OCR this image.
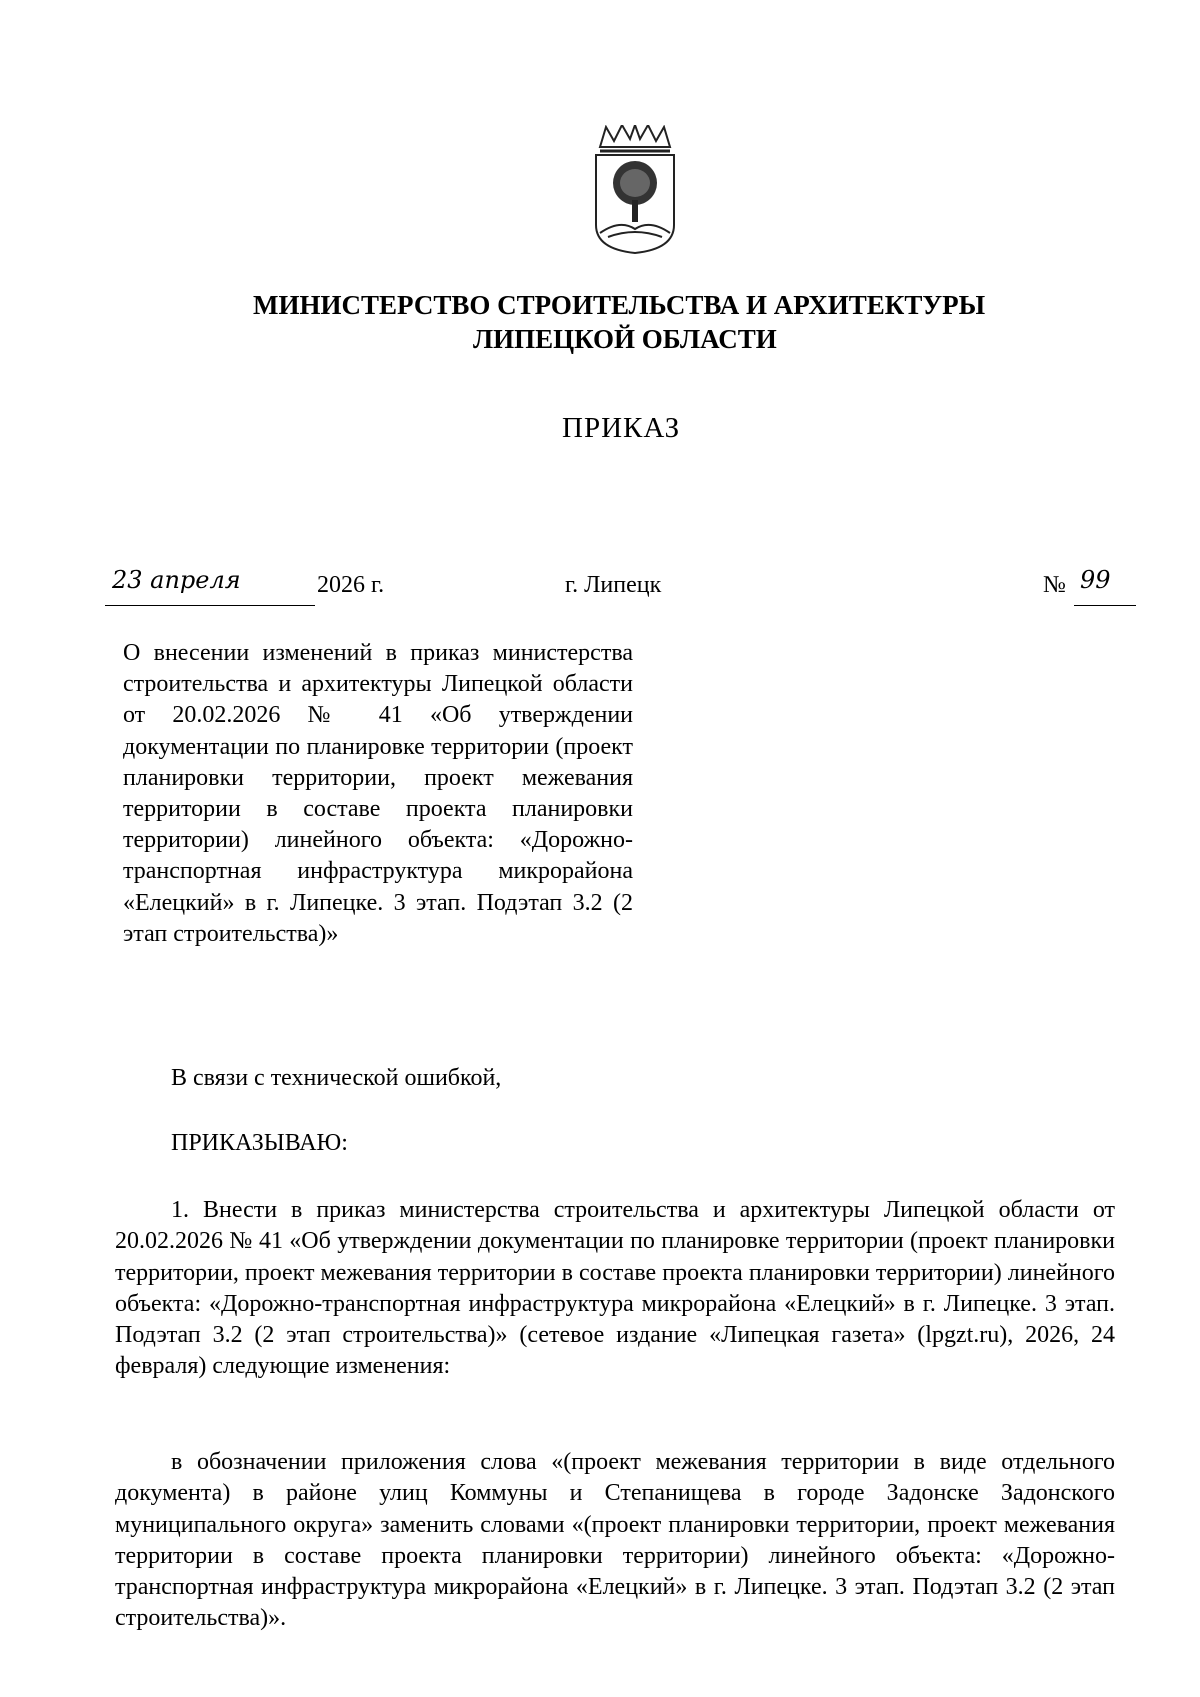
МИНИСТЕРСТВО СТРОИТЕЛЬСТВА И АРХИТЕКТУРЫ
ЛИПЕЦКОЙ ОБЛАСТИ
ПРИКАЗ
23 апреля	2026 г.	г. Липецк	№ 99
О внесении изменений в приказ министерства строительства и архитектуры Липецкой области от 20.02.2026 № 41 «Об утверждении документации по планировке территории (проект планировки территории, проект межевания территории в составе проекта планировки территории) линейного объекта: «Дорожно-транспортная инфраструктура микрорайона «Елецкий» в г. Липецке. 3 этап. Подэтап 3.2 (2 этап строительства)»
В связи с технической ошибкой,
ПРИКАЗЫВАЮ:
1. Внести в приказ министерства строительства и архитектуры Липецкой области от 20.02.2026 № 41 «Об утверждении документации по планировке территории (проект планировки территории, проект межевания территории в составе проекта планировки территории) линейного объекта: «Дорожно-транспортная инфраструктура микрорайона «Елецкий» в г. Липецке. 3 этап. Подэтап 3.2 (2 этап строительства)» (сетевое издание «Липецкая газета» (lpgzt.ru), 2026, 24 февраля) следующие изменения:
в обозначении приложения слова «(проект межевания территории в виде отдельного документа) в районе улиц Коммуны и Степанищева в городе Задонске Задонского муниципального округа» заменить словами «(проект планировки территории, проект межевания территории в составе проекта планировки территории) линейного объекта: «Дорожно-транспортная инфраструктура микрорайона «Елецкий» в г. Липецке. 3 этап. Подэтап 3.2 (2 этап строительства)».
